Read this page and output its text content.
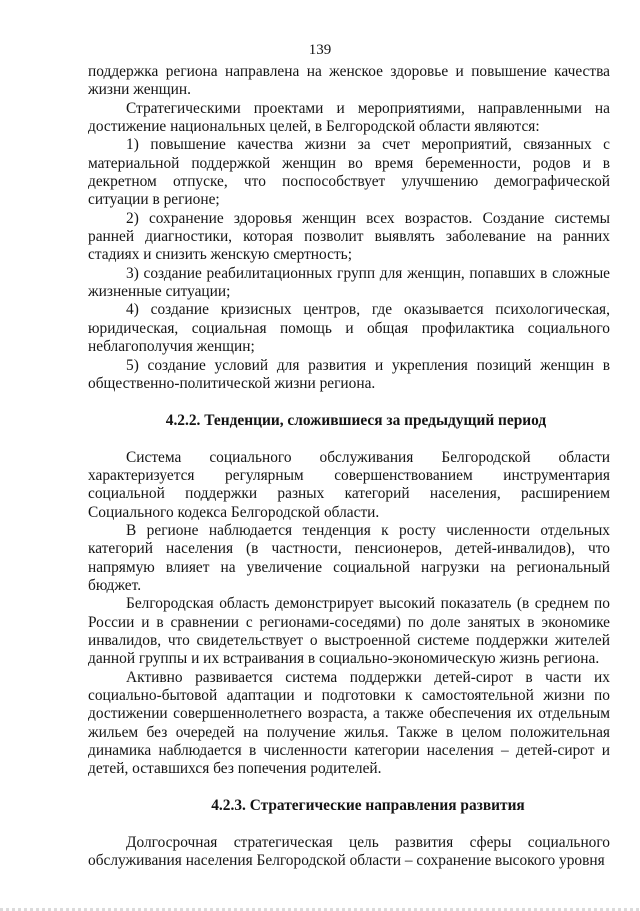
139

поддержка региона направлена на женское здоровье и повышение качества жизни женщин.

Стратегическими проектами и мероприятиями, направленными на достижение национальных целей, в Белгородской области являются:

1) повышение качества жизни за счет мероприятий, связанных с материальной поддержкой женщин во время беременности, родов и в декретном отпуске, что поспособствует улучшению демографической ситуации в регионе;

2) сохранение здоровья женщин всех возрастов. Создание системы ранней диагностики, которая позволит выявлять заболевание на ранних стадиях и снизить женскую смертность;

3) создание реабилитационных групп для женщин, попавших в сложные жизненные ситуации;

4) создание кризисных центров, где оказывается психологическая, юридическая, социальная помощь и общая профилактика социального неблагополучия женщин;

5) создание условий для развития и укрепления позиций женщин в общественно-политической жизни региона.

4.2.2. Тенденции, сложившиеся за предыдущий период

Система социального обслуживания Белгородской области характеризуется регулярным совершенствованием инструментария социальной поддержки разных категорий населения, расширением Социального кодекса Белгородской области.

В регионе наблюдается тенденция к росту численности отдельных категорий населения (в частности, пенсионеров, детей-инвалидов), что напрямую влияет на увеличение социальной нагрузки на региональный бюджет.

Белгородская область демонстрирует высокий показатель (в среднем по России и в сравнении с регионами-соседями) по доле занятых в экономике инвалидов, что свидетельствует о выстроенной системе поддержки жителей данной группы и их встраивания в социально-экономическую жизнь региона.

Активно развивается система поддержки детей-сирот в части их социально-бытовой адаптации и подготовки к самостоятельной жизни по достижении совершеннолетнего возраста, а также обеспечения их отдельным жильем без очередей на получение жилья. Также в целом положительная динамика наблюдается в численности категории населения – детей-сирот и детей, оставшихся без попечения родителей.

4.2.3. Стратегические направления развития

Долгосрочная стратегическая цель развития сферы социального обслуживания населения Белгородской области – сохранение высокого уровня
